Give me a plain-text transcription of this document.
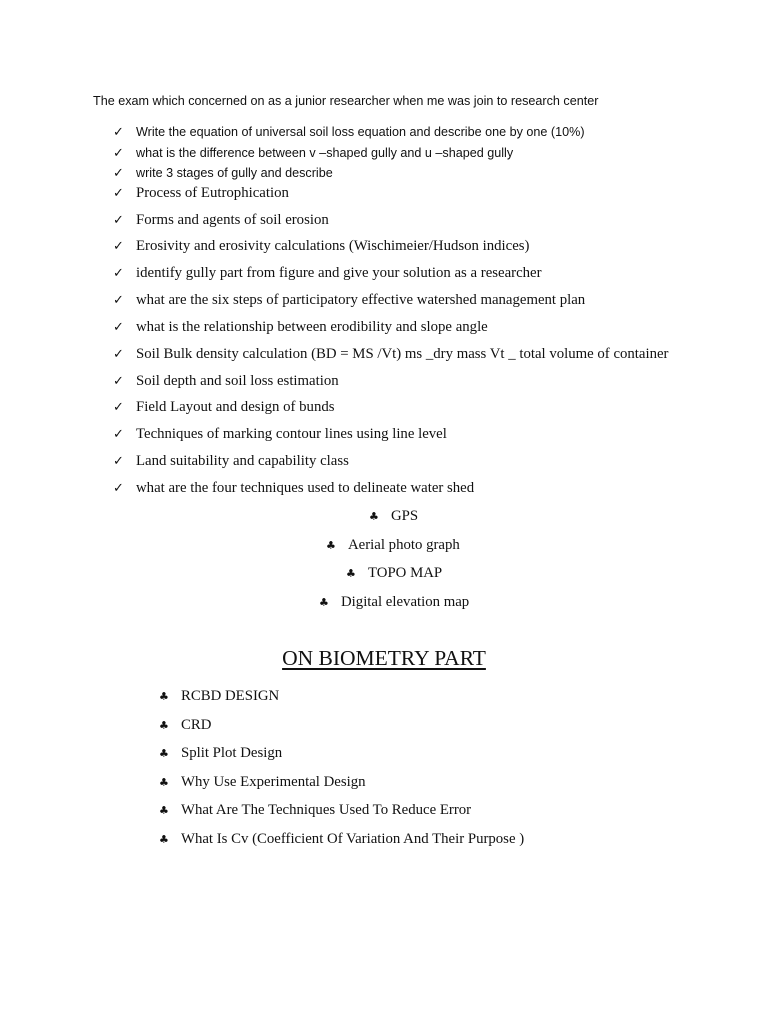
The exam which concerned on as a junior researcher when me was join to research center
✓ Write the equation of universal soil loss equation and describe one by one (10%)
✓ what is the difference between v –shaped gully and u –shaped gully
✓ write 3 stages of gully and describe
✓ Process of Eutrophication
✓ Forms and agents of soil erosion
✓ Erosivity and erosivity calculations (Wischimeier/Hudson indices)
✓ identify gully part from figure and give your solution as a researcher
✓ what are the six steps of participatory effective watershed management plan
✓ what is the relationship between erodibility and slope angle
✓ Soil Bulk density calculation (BD = MS /Vt) ms _dry mass Vt _ total volume of container
✓ Soil depth and soil loss estimation
✓ Field Layout and design of bunds
✓ Techniques of marking contour lines using line level
✓ Land suitability and capability class
✓ what are the four techniques used to delineate water shed
♣ GPS
♣ Aerial photo graph
♣ TOPO MAP
♣ Digital elevation map
ON BIOMETRY PART
♣ RCBD DESIGN
♣ CRD
♣ Split Plot Design
♣ Why Use Experimental Design
♣ What Are The Techniques Used To Reduce Error
♣ What Is Cv (Coefficient Of Variation And Their Purpose )
